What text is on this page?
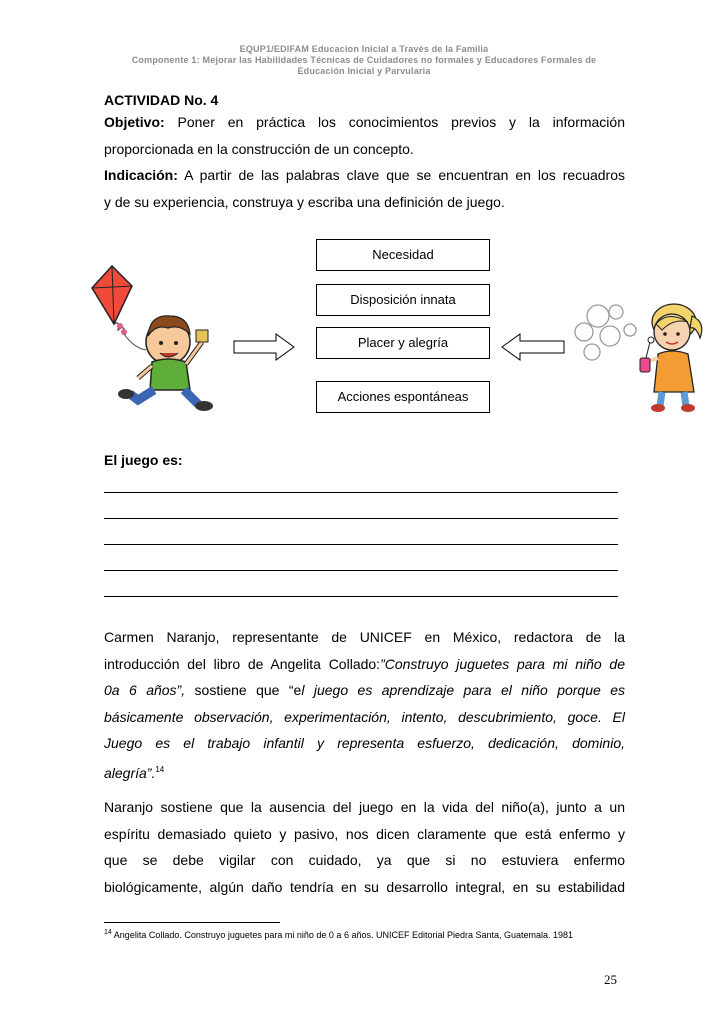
EQUP1/EDIFAM Educacion Inicial a Través de la Familia
Componente 1: Mejorar las Habilidades Técnicas de Cuidadores no formales y Educadores Formales de
Educación Inicial y Parvularia
ACTIVIDAD No. 4
Objetivo: Poner en práctica los conocimientos previos y la información
proporcionada en la construcción de un concepto.
Indicación: A partir de las palabras clave que se encuentran en los recuadros
y de su experiencia, construya y escriba una definición de juego.
Necesidad
Disposición innata
Placer y alegría
Acciones espontáneas
El juego es:
Carmen Naranjo, representante de UNICEF en México, redactora de la
introducción del libro de Angelita Collado:”Construyo juguetes para mi niño de
0a 6 años”, sostiene que “el juego es aprendizaje para el niño porque es
básicamente observación, experimentación, intento, descubrimiento, goce. El
Juego es el trabajo infantil y representa esfuerzo, dedicación, dominio,
alegría”.$^{14}$
Naranjo sostiene que la ausencia del juego en la vida del niño(a), junto a un
espíritu demasiado quieto y pasivo, nos dicen claramente que está enfermo y
que se debe vigilar con cuidado, ya que si no estuviera enfermo
biológicamente, algún daño tendría en su desarrollo integral, en su estabilidad
$^{14}$ Angelita Collado. Construyo juguetes para mi niño de 0 a 6 años. UNICEF Editorial Piedra Santa, Guatemala. 1981
25
